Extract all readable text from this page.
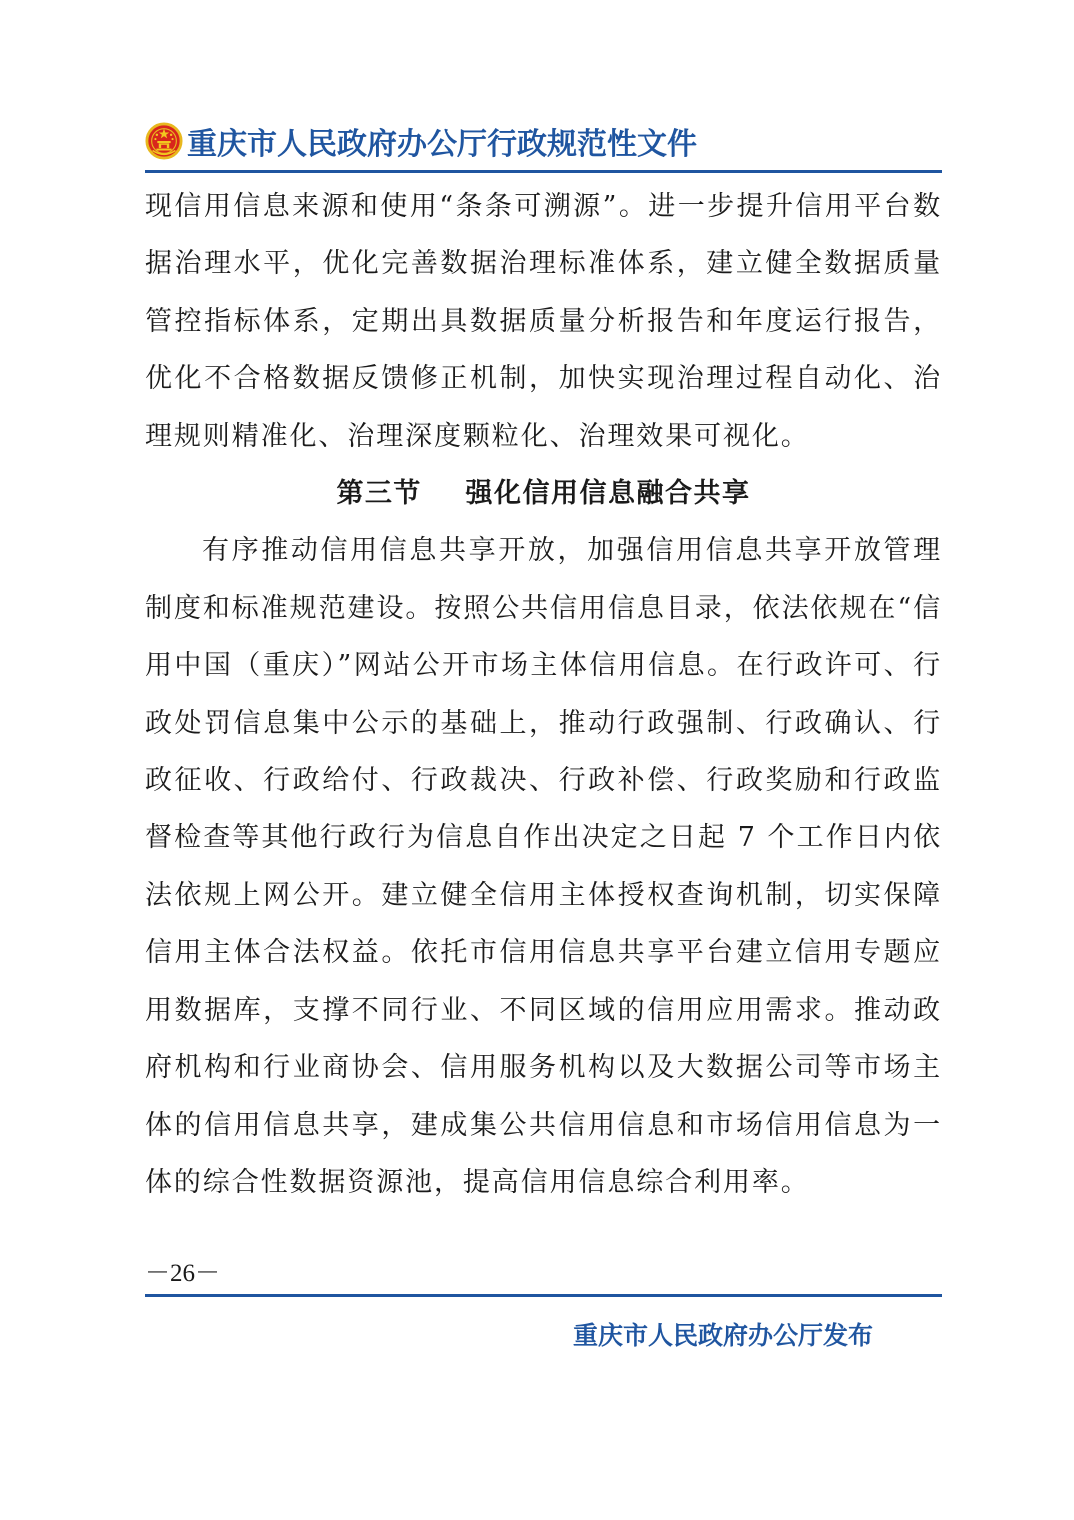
重庆市人民政府办公厅行政规范性文件

现信用信息来源和使用“条条可溯源”。进一步提升信用平台数据治理水平，优化完善数据治理标准体系，建立健全数据质量管控指标体系，定期出具数据质量分析报告和年度运行报告，优化不合格数据反馈修正机制，加快实现治理过程自动化、治理规则精准化、治理深度颗粒化、治理效果可视化。

第三节    强化信用信息融合共享

有序推动信用信息共享开放，加强信用信息共享开放管理制度和标准规范建设。按照公共信用信息目录，依法依规在“信用中国（重庆）”网站公开市场主体信用信息。在行政许可、行政处罚信息集中公示的基础上，推动行政强制、行政确认、行政征收、行政给付、行政裁决、行政补偿、行政奖励和行政监督检查等其他行政行为信息自作出决定之日起 7 个工作日内依法依规上网公开。建立健全信用主体授权查询机制，切实保障信用主体合法权益。依托市信用信息共享平台建立信用专题应用数据库，支撑不同行业、不同区域的信用应用需求。推动政府机构和行业商协会、信用服务机构以及大数据公司等市场主体的信用信息共享，建成集公共信用信息和市场信用信息为一体的综合性数据资源池，提高信用信息综合利用率。

－26－
重庆市人民政府办公厅发布
